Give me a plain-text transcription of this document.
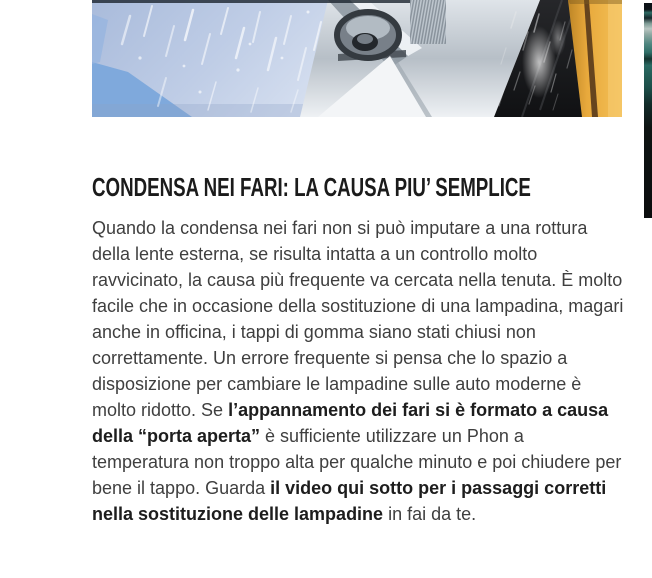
CONDENSA NEI FARI: LA CAUSA PIU’ SEMPLICE

Quando la condensa nei fari non si può imputare a una rottura della lente esterna, se risulta intatta a un controllo molto ravvicinato, la causa più frequente va cercata nella tenuta. È molto facile che in occasione della sostituzione di una lampadina, magari anche in officina, i tappi di gomma siano stati chiusi non correttamente. Un errore frequente si pensa che lo spazio a disposizione per cambiare le lampadine sulle auto moderne è molto ridotto. Se l’appannamento dei fari si è formato a causa della “porta aperta” è sufficiente utilizzare un Phon a temperatura non troppo alta per qualche minuto e poi chiudere per bene il tappo. Guarda il video qui sotto per i passaggi corretti nella sostituzione delle lampadine in fai da te.
